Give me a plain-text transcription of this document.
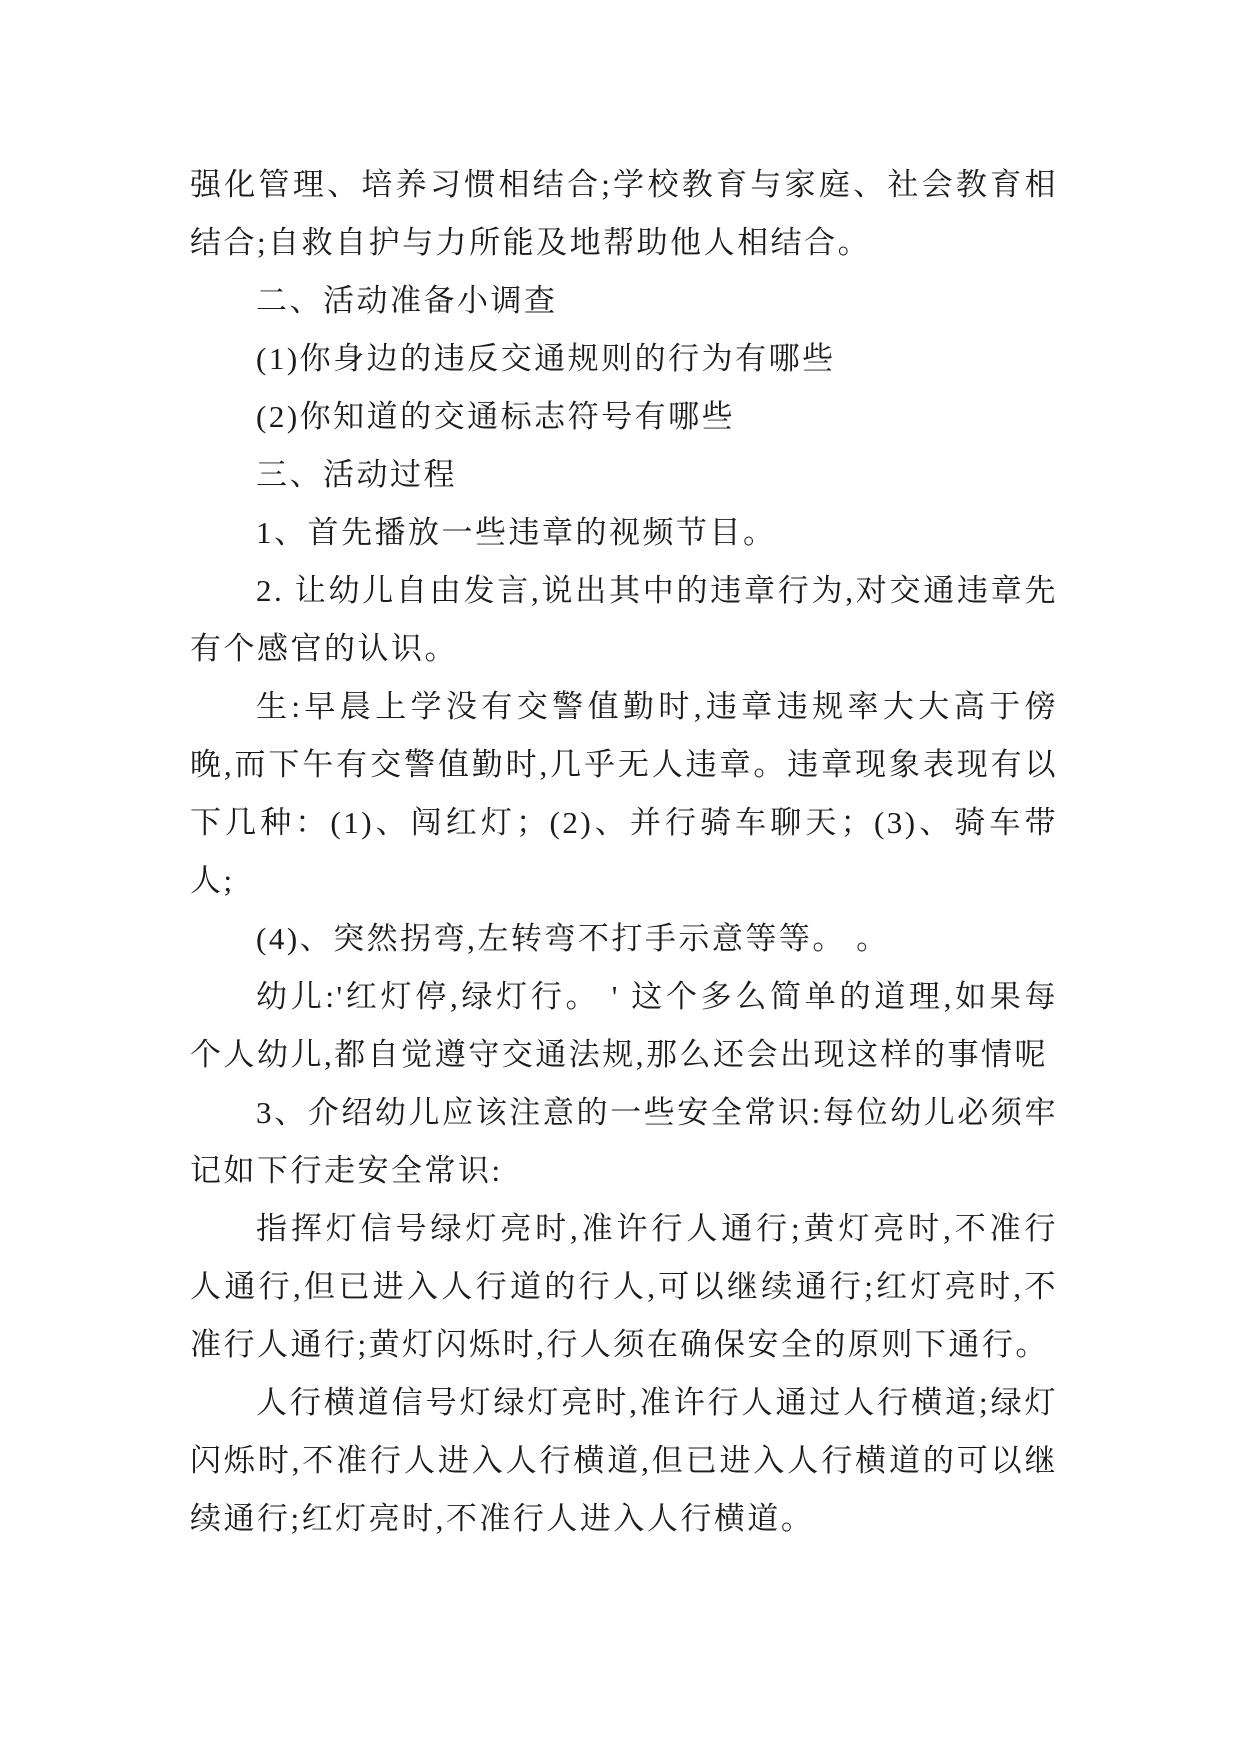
强化管理、培养习惯相结合;学校教育与家庭、社会教育相结合;自救自护与力所能及地帮助他人相结合。

二、活动准备小调查

(1)你身边的违反交通规则的行为有哪些

(2)你知道的交通标志符号有哪些

三、活动过程

1、首先播放一些违章的视频节目。

2. 让幼儿自由发言,说出其中的违章行为,对交通违章先有个感官的认识。

生:早晨上学没有交警值勤时,违章违规率大大高于傍晚,而下午有交警值勤时,几乎无人违章。违章现象表现有以下几种：(1)、闯红灯；(2)、并行骑车聊天；(3)、骑车带人;

(4)、突然拐弯,左转弯不打手示意等等。 。

幼儿:'红灯停,绿灯行。 ' 这个多么简单的道理,如果每个人幼儿,都自觉遵守交通法规,那么还会出现这样的事情呢

3、介绍幼儿应该注意的一些安全常识:每位幼儿必须牢记如下行走安全常识:

指挥灯信号绿灯亮时,准许行人通行;黄灯亮时,不准行人通行,但已进入人行道的行人,可以继续通行;红灯亮时,不准行人通行;黄灯闪烁时,行人须在确保安全的原则下通行。

人行横道信号灯绿灯亮时,准许行人通过人行横道;绿灯闪烁时,不准行人进入人行横道,但已进入人行横道的可以继续通行;红灯亮时,不准行人进入人行横道。
